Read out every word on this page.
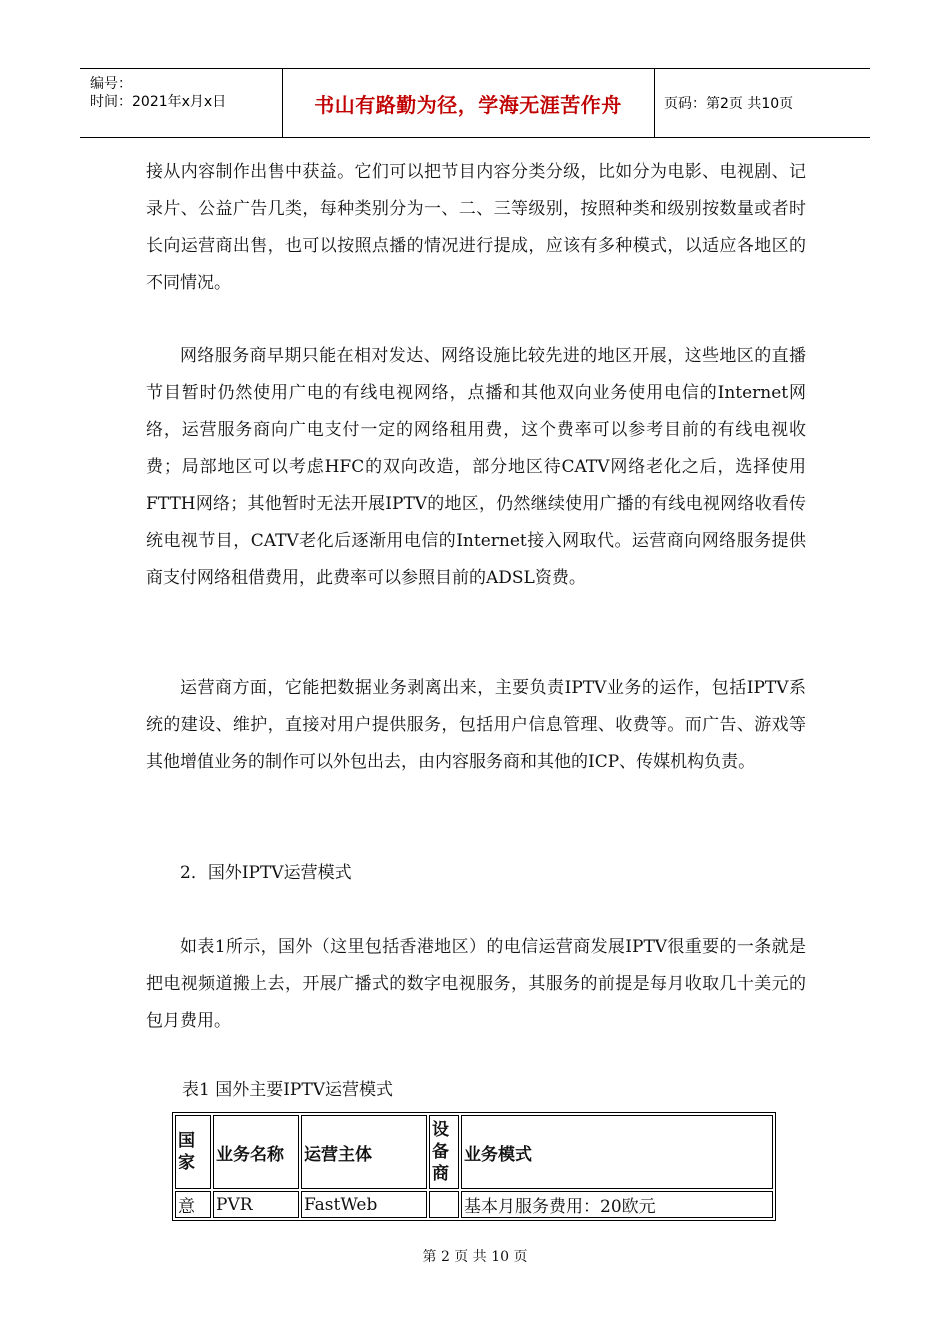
编号：
时间：2021年x月x日	书山有路勤为径，学海无涯苦作舟	页码：第2页 共10页

接从内容制作出售中获益。它们可以把节目内容分类分级，比如分为电影、电视剧、记录片、公益广告几类，每种类别分为一、二、三等级别，按照种类和级别按数量或者时长向运营商出售，也可以按照点播的情况进行提成，应该有多种模式，以适应各地区的不同情况。

网络服务商早期只能在相对发达、网络设施比较先进的地区开展，这些地区的直播节目暂时仍然使用广电的有线电视网络，点播和其他双向业务使用电信的Internet网络，运营服务商向广电支付一定的网络租用费，这个费率可以参考目前的有线电视收费；局部地区可以考虑HFC的双向改造，部分地区待CATV网络老化之后，选择使用FTTH网络；其他暂时无法开展IPTV的地区，仍然继续使用广播的有线电视网络收看传统电视节目，CATV老化后逐渐用电信的Internet接入网取代。运营商向网络服务提供商支付网络租借费用，此费率可以参照目前的ADSL资费。

运营商方面，它能把数据业务剥离出来，主要负责IPTV业务的运作，包括IPTV系统的建设、维护，直接对用户提供服务，包括用户信息管理、收费等。而广告、游戏等其他增值业务的制作可以外包出去，由内容服务商和其他的ICP、传媒机构负责。

2．国外IPTV运营模式

如表1所示，国外（这里包括香港地区）的电信运营商发展IPTV很重要的一条就是把电视频道搬上去，开展广播式的数字电视服务，其服务的前提是每月收取几十美元的包月费用。

表1 国外主要IPTV运营模式

国家	业务名称	运营主体	设备商	业务模式
意	PVR	FastWeb		基本月服务费用：20欧元
第 2 页 共 10 页
